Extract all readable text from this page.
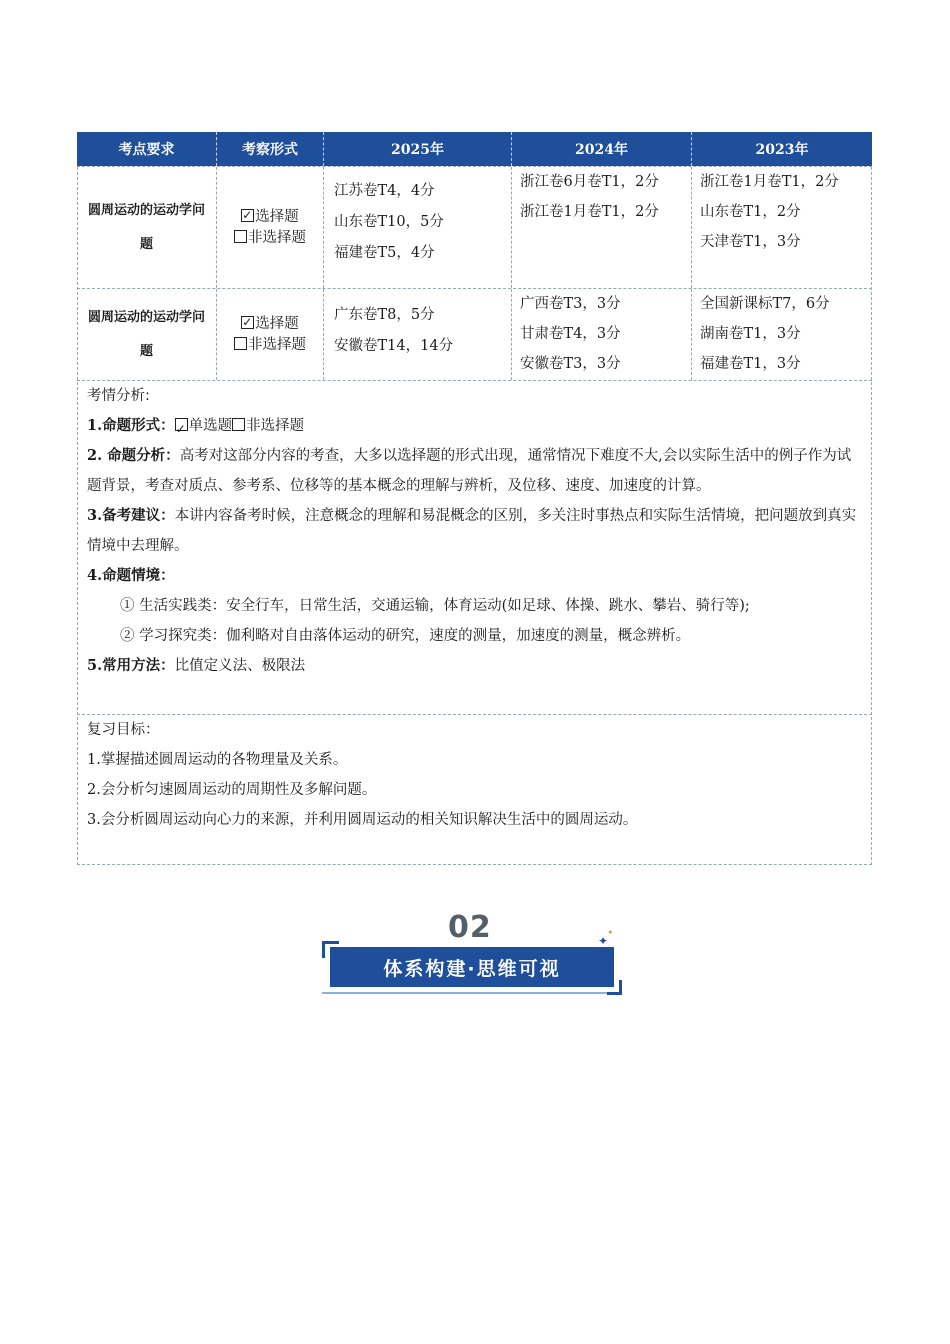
考点要求	考察形式	2025年	2024年	2023年
圆周运动的运动学问题
✓选择题
非选择题
江苏卷T4，4分
山东卷T10，5分
福建卷T5，4分
浙江卷6月卷T1，2分
浙江卷1月卷T1，2分
浙江卷1月卷T1，2分
山东卷T1，2分
天津卷T1，3分
圆周运动的运动学问题
✓选择题
非选择题
广东卷T8，5分
安徽卷T14，14分
广西卷T3，3分
甘肃卷T4，3分
安徽卷T3，3分
全国新课标T7，6分
湖南卷T1，3分
福建卷T1，3分
考情分析:
1.命题形式：✓ 单选题 非选择题
2. 命题分析：高考对这部分内容的考查，大多以选择题的形式出现，通常情况下难度不大,会以实际生活中的例子作为试题背景，考查对质点、参考系、位移等的基本概念的理解与辨析，及位移、速度、加速度的计算。
3.备考建议：本讲内容备考时候，注意概念的理解和易混概念的区别，多关注时事热点和实际生活情境，把问题放到真实情境中去理解。
4.命题情境：
① 生活实践类：安全行车，日常生活，交通运输，体育运动(如足球、体操、跳水、攀岩、骑行等);
② 学习探究类：伽利略对自由落体运动的研究，速度的测量，加速度的测量，概念辨析。
5.常用方法：比值定义法、极限法
复习目标：
1.掌握描述圆周运动的各物理量及关系。
2.会分析匀速圆周运动的周期性及多解问题。
3.会分析圆周运动向心力的来源，并利用圆周运动的相关知识解决生活中的圆周运动。
02
体系构建·思维可视
✦
✦
